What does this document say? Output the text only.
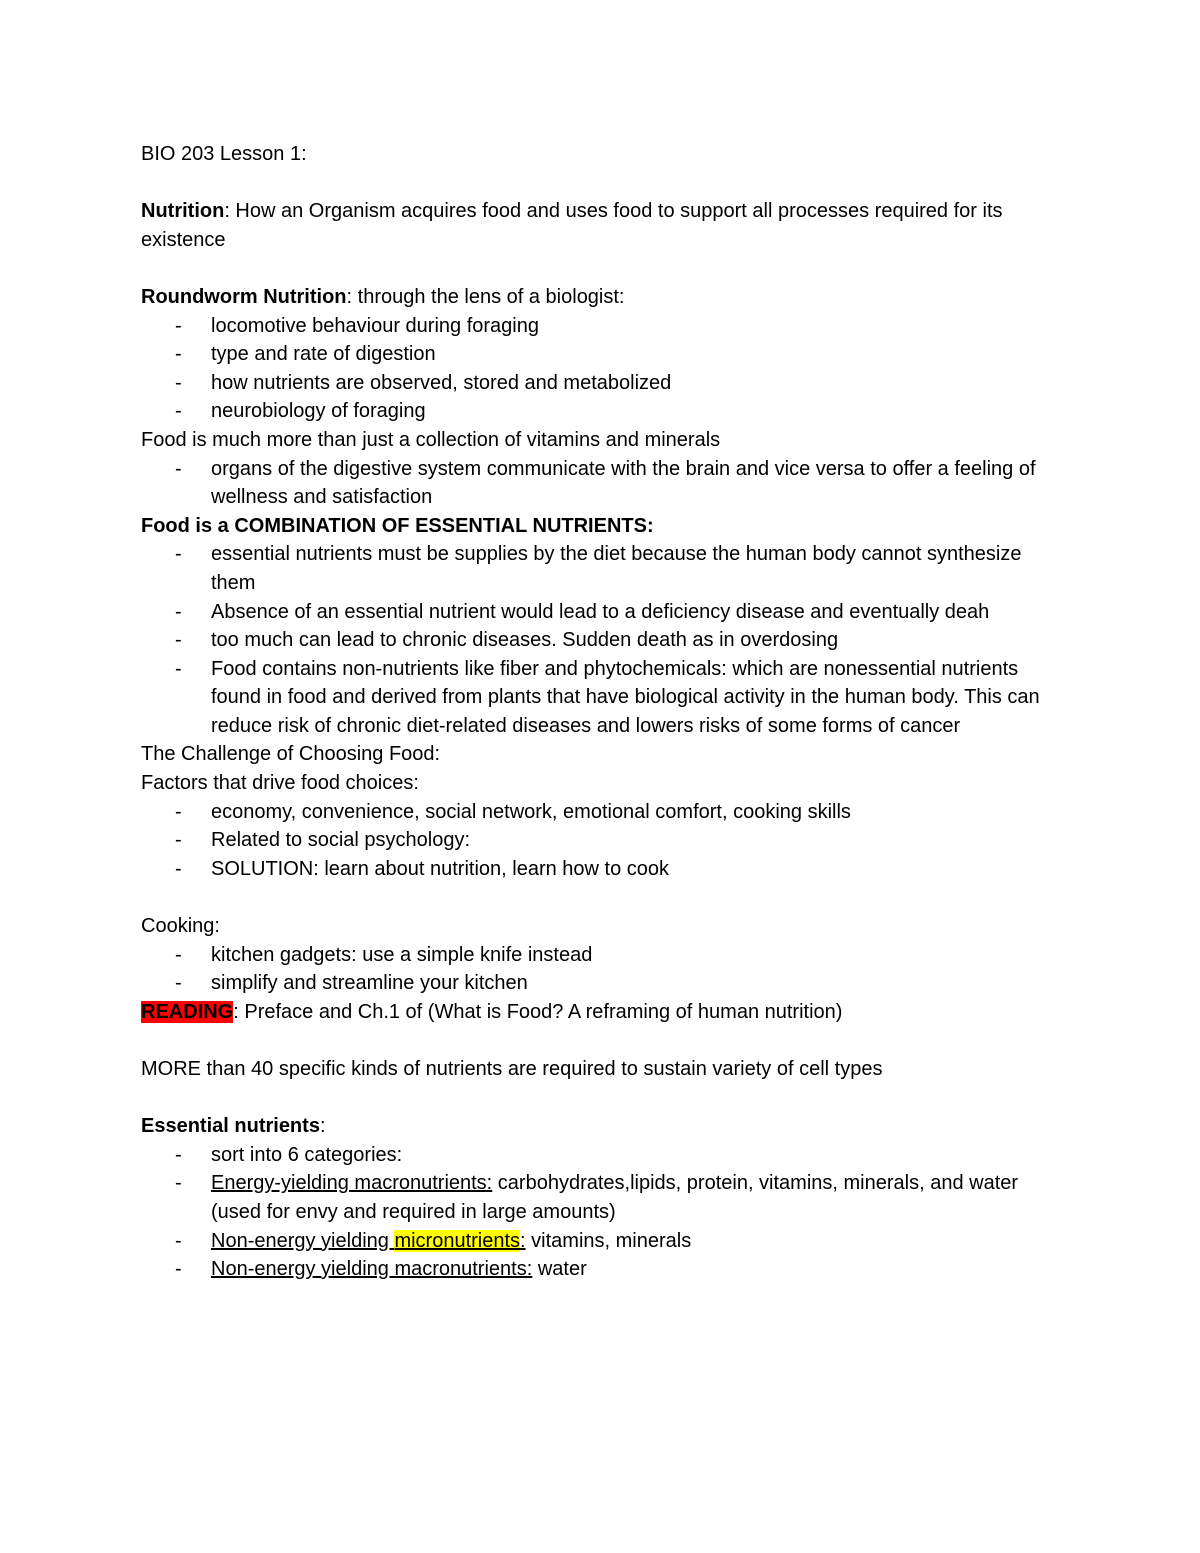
BIO 203 Lesson 1:

Nutrition: How an Organism acquires food and uses food to support all processes required for its existence

Roundworm Nutrition: through the lens of a biologist:

- locomotive behaviour during foraging
- type and rate of digestion
- how nutrients are observed, stored and metabolized
- neurobiology of foraging

Food is much more than just a collection of vitamins and minerals

- organs of the digestive system communicate with the brain and vice versa to offer a feeling of wellness and satisfaction

Food is a COMBINATION OF ESSENTIAL NUTRIENTS:

- essential nutrients must be supplies by the diet because the human body cannot synthesize them
- Absence of an essential nutrient would lead to a deficiency disease and eventually deah
- too much can lead to chronic diseases. Sudden death as in overdosing
- Food contains non-nutrients like fiber and phytochemicals: which are nonessential nutrients found in food and derived from plants that have biological activity in the human body. This can reduce risk of chronic diet-related diseases and lowers risks of some forms of cancer

The Challenge of Choosing Food:

Factors that drive food choices:

- economy, convenience, social network, emotional comfort, cooking skills
- Related to social psychology:
- SOLUTION: learn about nutrition, learn how to cook

Cooking:

- kitchen gadgets: use a simple knife instead
- simplify and streamline your kitchen

READING: Preface and Ch.1 of (What is Food? A reframing of human nutrition)

MORE than 40 specific kinds of nutrients are required to sustain variety of cell types

Essential nutrients:

- sort into 6 categories:
- Energy-yielding macronutrients: carbohydrates,lipids, protein, vitamins, minerals, and water (used for envy and required in large amounts)
- Non-energy yielding micronutrients: vitamins, minerals
- Non-energy yielding macronutrients: water
